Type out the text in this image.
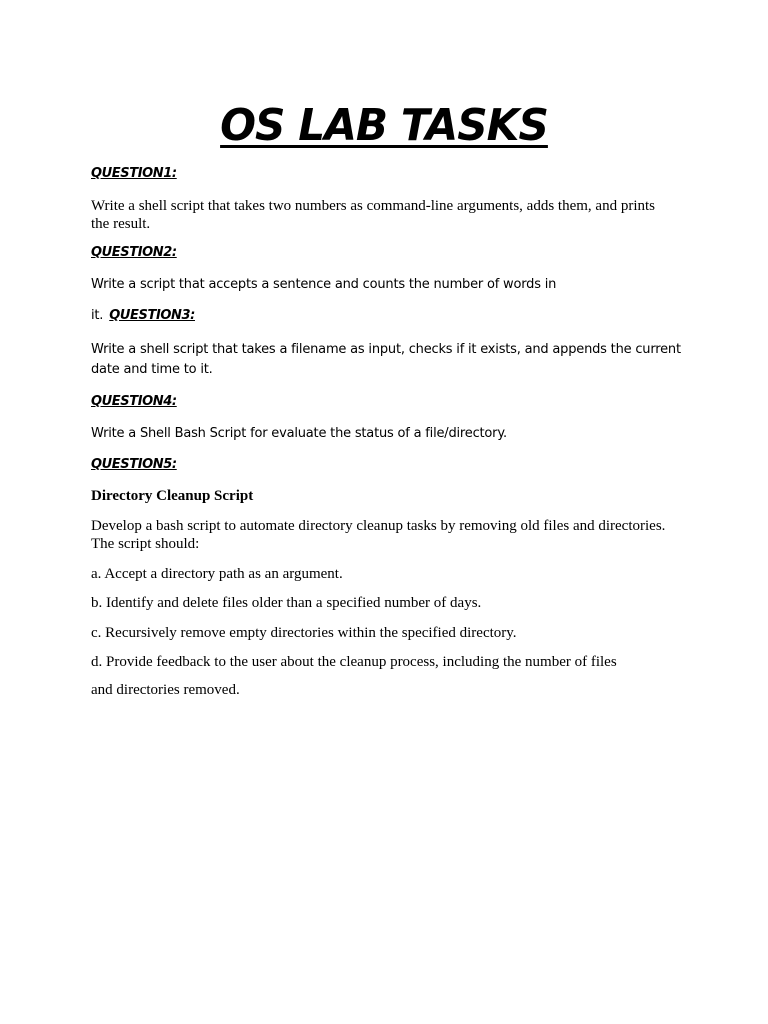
OS LAB TASKS
QUESTION1:
Write a shell script that takes two numbers as command-line arguments, adds them, and prints
the result.
QUESTION2:
Write a script that accepts a sentence and counts the number of words in
it. QUESTION3:
Write a shell script that takes a filename as input, checks if it exists, and appends the current
date and time to it.
QUESTION4:
Write a Shell Bash Script for evaluate the status of a file/directory.
QUESTION5:
Directory Cleanup Script
Develop a bash script to automate directory cleanup tasks by removing old files and directories.
The script should:
a. Accept a directory path as an argument.
b. Identify and delete files older than a specified number of days.
c. Recursively remove empty directories within the specified directory.
d. Provide feedback to the user about the cleanup process, including the number of files
and directories removed.
